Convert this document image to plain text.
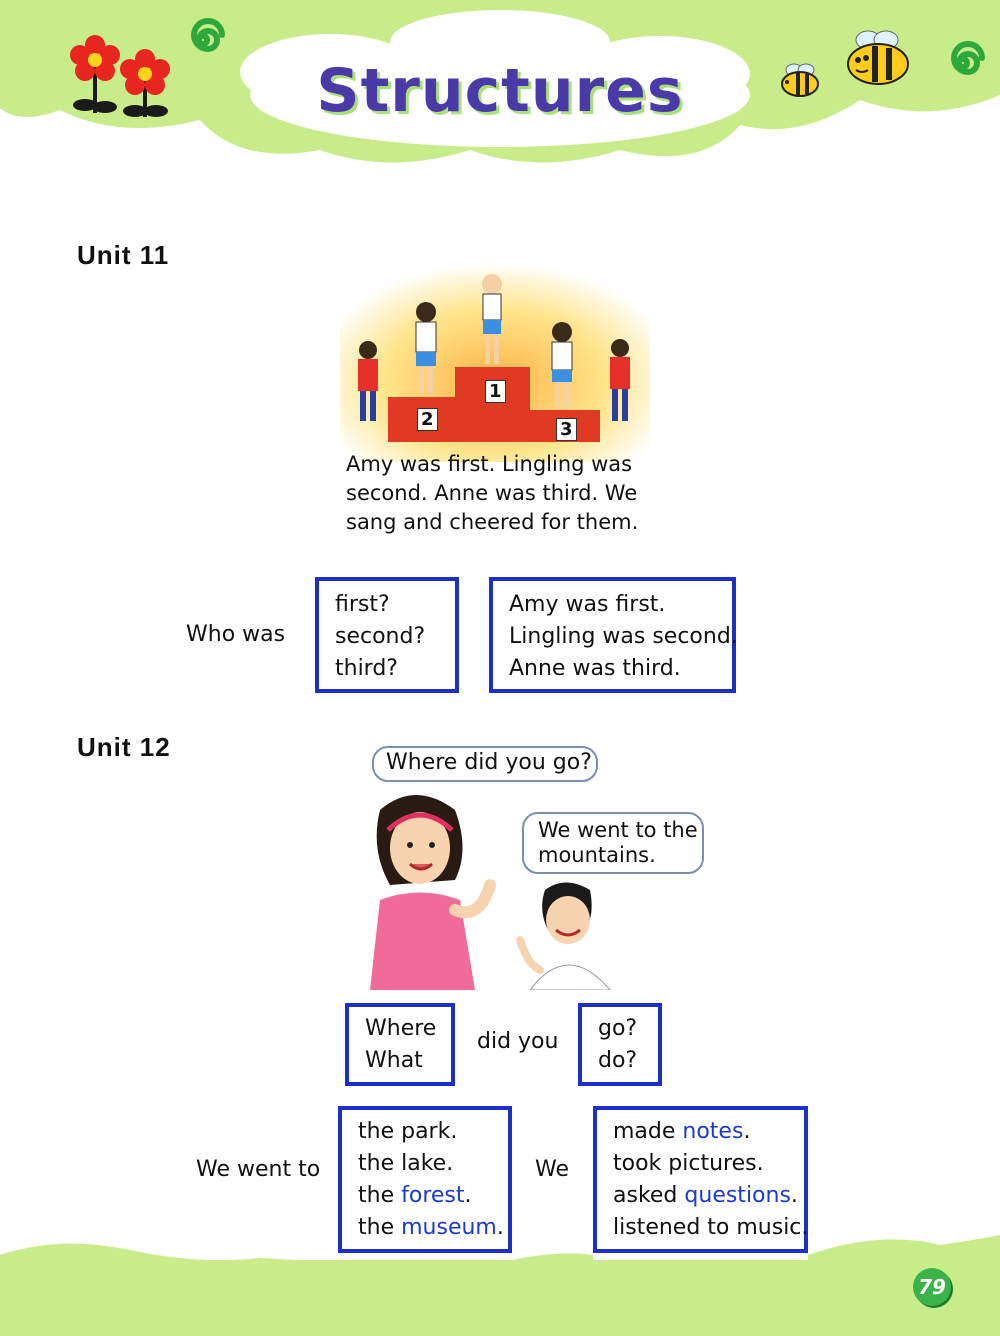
Structures
Unit 11
1
2	3
Amy was first. Lingling was
second. Anne was third. We
sang and cheered for them.
Who was
first?
second?
third?
Amy was first.
Lingling was second.
Anne was third.
Unit 12
Where did you go?
We went to the
mountains.
Where
What
did you
go?
do?
We went to
the park.
the lake.
the forest.
the museum.
We
made notes.
took pictures.
asked questions.
listened to music.
79
